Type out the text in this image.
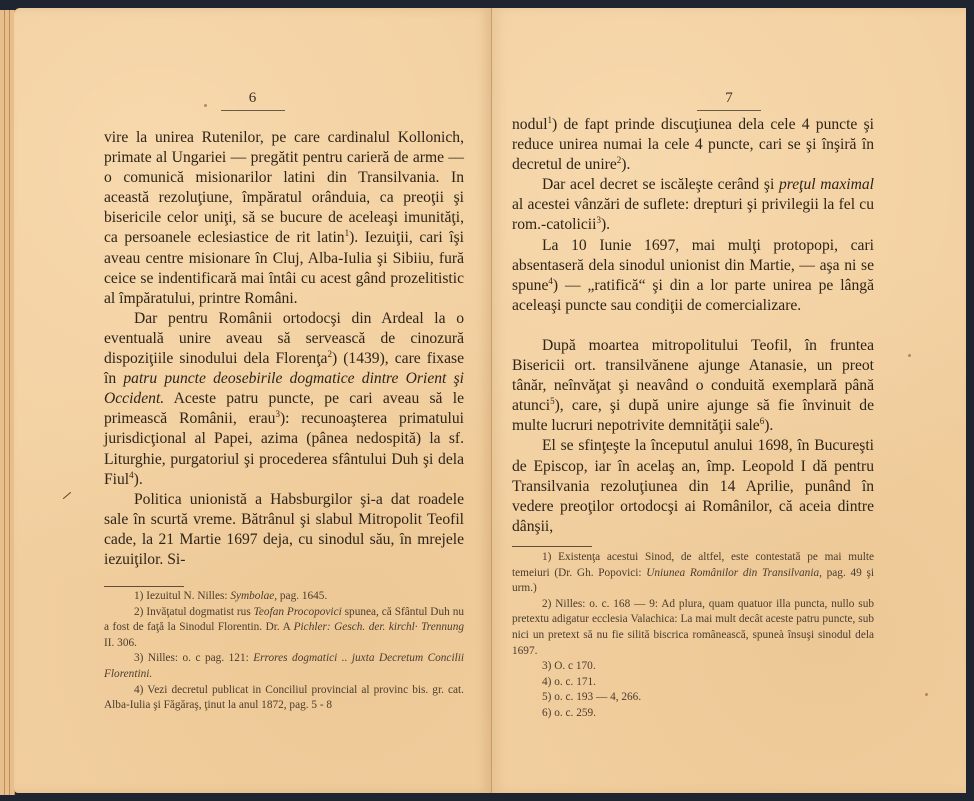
6

vire la unirea Rutenilor, pe care cardinalul Kollonich, primate al Ungariei — pregătit pentru carieră de arme — o comunică misionarilor latini din Transilvania. In această rezoluţiune, împăratul orânduia, ca preoţii şi bisericile celor uniţi, să se bucure de aceleaşi imunităţi, ca persoanele eclesiastice de rit latin$^1$). Iezuiţii, cari îşi aveau centre misionare în Cluj, Alba-Iulia şi Sibiiu, fură ceice se indentificară mai întâi cu acest gând prozelitistic al împăratului, printre Români.

Dar pentru Românii ortodocşi din Ardeal la o eventuală unire aveau să servească de cinozură dispoziţiile sinodului dela Florenţa$^2$) (1439), care fixase în patru puncte deosebirile dogmatice dintre Orient şi Occident. Aceste patru puncte, pe cari aveau să le primească Românii, erau$^3$): recunoaşterea primatului jurisdicţional al Papei, azima (pânea nedospită) la sf. Liturghie, purgatoriul şi procederea sfântului Duh şi dela Fiul$^4$).

Politica unionistă a Habsburgilor şi-a dat roadele sale în scurtă vreme. Bătrânul şi slabul Mitropolit Teofil cade, la 21 Martie 1697 deja, cu sinodul său, în mrejele iezuiţilor. Si-

1) Iezuitul N. Nilles: Symbolae, pag. 1645.

2) Invăţatul dogmatist rus Teofan Procopovici spunea, că Sfântul Duh nu a fost de faţă la Sinodul Florentin. Dr. A Pichler: Gesch. der. kirchl· Trennung II. 306.

3) Nilles: o. c pag. 121: Errores dogmatici .. juxta Decretum Concilii Florentini.

4) Vezi decretul publicat in Conciliul provincial al provinc bis. gr. cat. Alba-Iulia şi Făgăraş, ţinut la anul 1872, pag. 5 - 8

7

nodul$^1$) de fapt prinde discuţiunea dela cele 4 puncte şi reduce unirea numai la cele 4 puncte, cari se şi înşiră în decretul de unire$^2$).

Dar acel decret se iscăleşte cerând şi preţul maximal al acestei vânzări de suflete: drepturi şi privilegii la fel cu rom.-catolicii$^3$).

La 10 Iunie 1697, mai mulţi protopopi, cari absentaseră dela sinodul unionist din Martie, — aşa ni se spune$^4$) — „ratifică“ şi din a lor parte unirea pe lângă aceleaşi puncte sau condiţii de comercializare.

După moartea mitropolitului Teofil, în fruntea Bisericii ort. transilvănene ajunge Atanasie, un preot tânăr, neînvăţat şi neavând o conduită exemplară până atunci$^5$), care, şi după unire ajunge să fie învinuit de multe lucruri nepotrivite demnităţii sale$^6$).

El se sfinţeşte la începutul anului 1698, în Bucureşti de Episcop, iar în acelaş an, împ. Leopold I dă pentru Transilvania rezoluţiunea din 14 Aprilie, punând în vedere preoţilor ortodocşi ai Românilor, că aceia dintre dânşii,

1) Existenţa acestui Sinod, de altfel, este contestată pe mai multe temeiuri (Dr. Gh. Popovici: Uniunea Românilor din Transilvania, pag. 49 şi urm.)

2) Nilles: o. c. 168 — 9: Ad plura, quam quatuor illa puncta, nullo sub pretextu adigatur ecclesia Valachica: La mai mult decât aceste patru puncte, sub nici un pretext să nu fie silită biscrica românească, spuneà însuşi sinodul dela 1697.

3) O. c 170.

4) o. c. 171.

5) o. c. 193 — 4, 266.

6) o. c. 259.
